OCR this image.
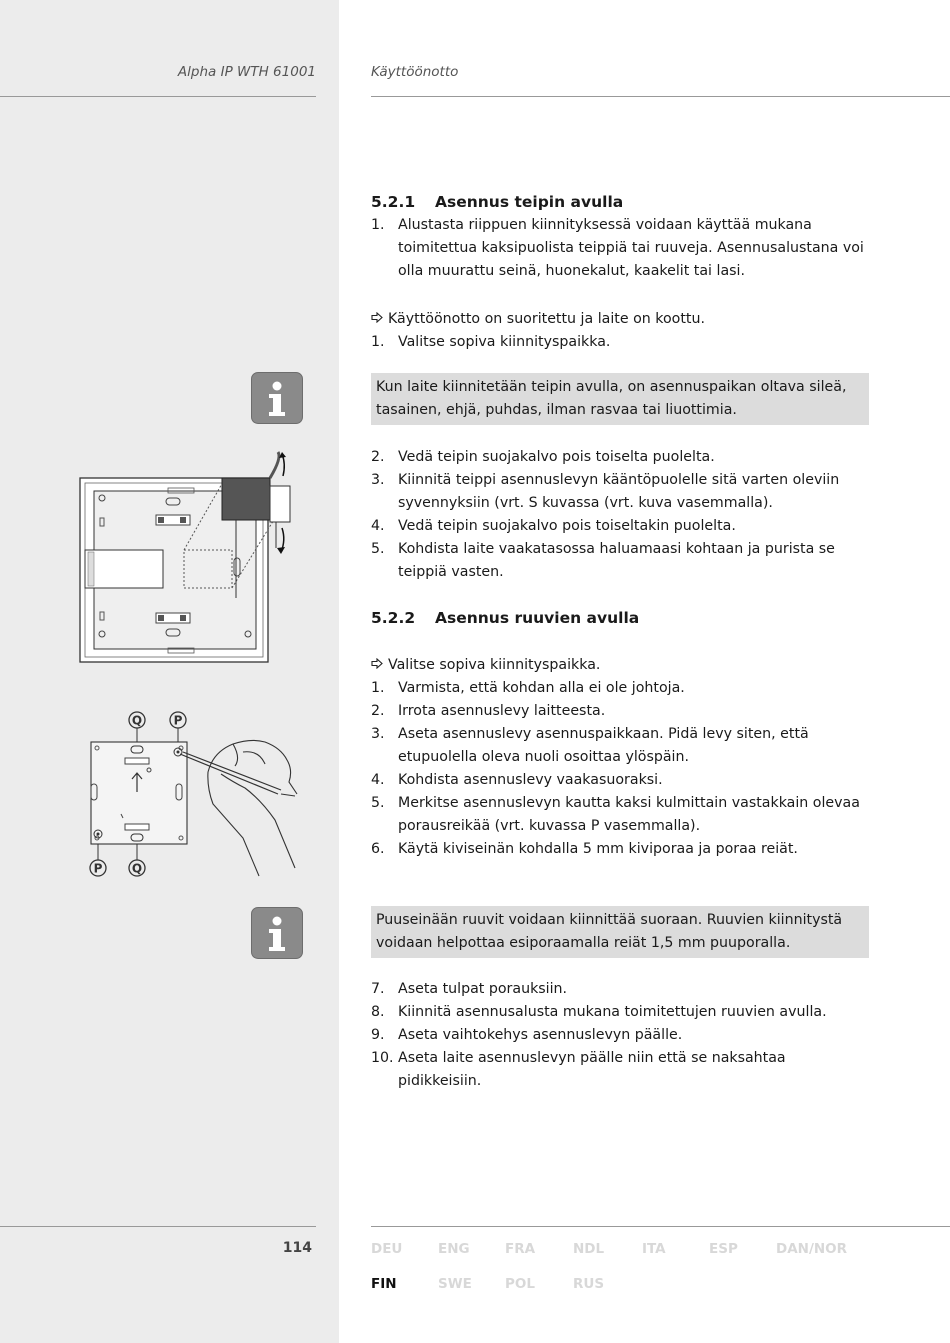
Alpha IP WTH 61001	Käyttöönotto

5.2.1 Asennus teipin avulla

1. Alustasta riippuen kiinnityksessä voidaan käyttää mukana toimitettua kaksipuolista teippiä tai ruuveja. Asennusalustana voi olla muurattu seinä, huonekalut, kaakelit tai lasi.
Käyttöönotto on suoritettu ja laite on koottu.
1. Valitse sopiva kiinnityspaikka.
Kun laite kiinnitetään teipin avulla, on asennuspaikan oltava sileä, tasainen, ehjä, puhdas, ilman rasvaa tai liuottimia.
2. Vedä teipin suojakalvo pois toiselta puolelta.
3. Kiinnitä teippi asennuslevyn kääntöpuolelle sitä varten oleviin syvennyksiin (vrt. S kuvassa (vrt. kuva vasemmalla).
4. Vedä teipin suojakalvo pois toiseltakin puolelta.
5. Kohdista laite vaakatasossa haluamaasi kohtaan ja purista se teippiä vasten.

5.2.2 Asennus ruuvien avulla

Valitse sopiva kiinnityspaikka.
1. Varmista, että kohdan alla ei ole johtoja.
2. Irrota asennuslevy laitteesta.
3. Aseta asennuslevy asennuspaikkaan. Pidä levy siten, että etupuolella oleva nuoli osoittaa ylöspäin.
4. Kohdista asennuslevy vaakasuoraksi.
5. Merkitse asennuslevyn kautta kaksi kulmittain vastakkain olevaa porausreikää (vrt. kuvassa P vasemmalla).
6. Käytä kiviseinän kohdalla 5 mm kiviporaa ja poraa reiät.
Puuseinään ruuvit voidaan kiinnittää suoraan. Ruuvien kiinnitystä voidaan helpottaa esiporaamalla reiät 1,5 mm puuporalla.
7. Aseta tulpat porauksiin.
8. Kiinnitä asennusalusta mukana toimitettujen ruuvien avulla.
9. Aseta vaihtokehys asennuslevyn päälle.
10. Aseta laite asennuslevyn päälle niin että se naksahtaa pidikkeisiin.
Q	P
P Q
114	DEU	ENG	FRA	NDL	ITA	ESP	DAN/NOR
FIN	SWE POL	RUS
